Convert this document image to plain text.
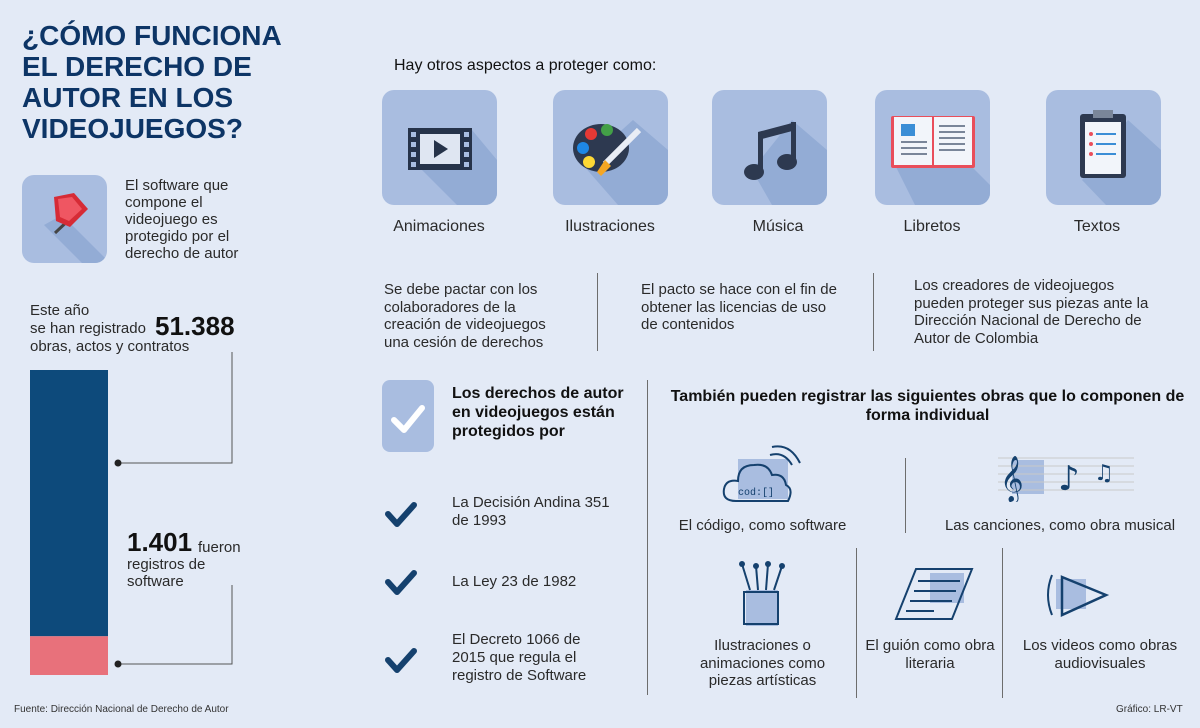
¿CÓMO FUNCIONA EL DERECHO DE AUTOR EN LOS VIDEOJUEGOS?
El software que compone el videojuego es protegido por el derecho de autor
Este año
se han registrado 51.388
obras, actos y contratos
1.401 fueron
registros de software
Hay otros aspectos a proteger como:
Animaciones	Ilustraciones	Música	Libretos	Textos
Se debe pactar con los colaboradores de la creación de videojuegos una cesión de derechos
El pacto se hace con el fin de obtener las licencias de uso de contenidos
Los creadores de videojuegos pueden proteger sus piezas ante la Dirección Nacional de Derecho de Autor de Colombia
Los derechos de autor en videojuegos están protegidos por
La Decisión Andina 351 de 1993
La Ley 23 de 1982
El Decreto 1066 de 2015 que regula el registro de Software
También pueden registrar las siguientes obras que lo componen de forma individual
cod:[]
El código, como software
𝄞 ♪ ♫
Las canciones, como obra musical
Ilustraciones o animaciones como piezas artísticas
El guión como obra literaria
Los videos como obras audiovisuales
Fuente: Dirección Nacional de Derecho de Autor	Gráfico: LR-VT
